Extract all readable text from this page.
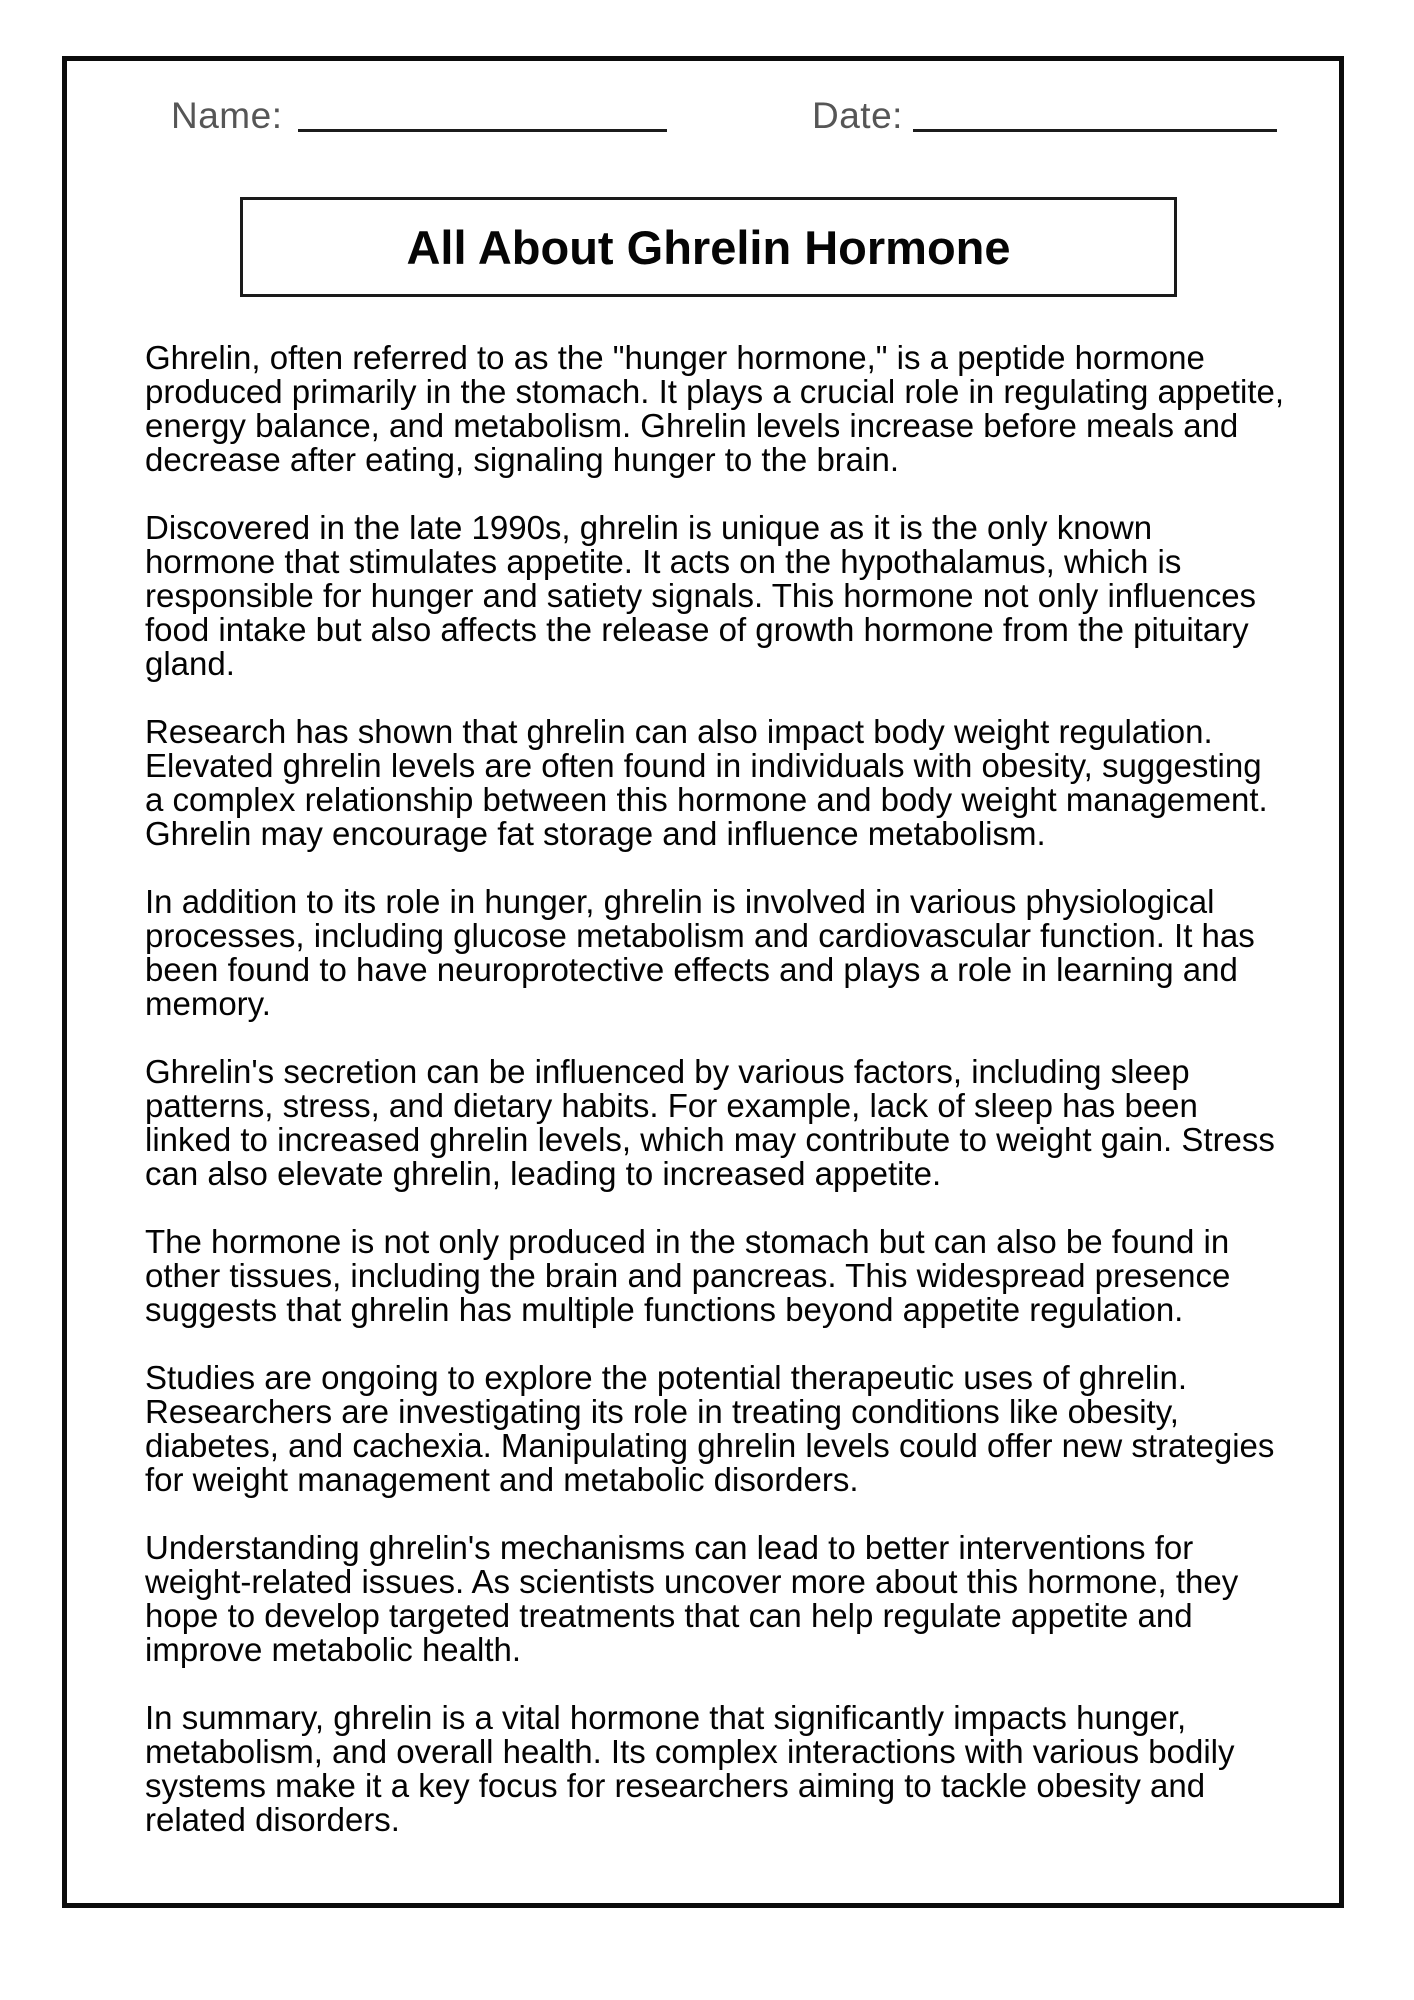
Name:	Date:
All About Ghrelin Hormone

Ghrelin, often referred to as the "hunger hormone," is a peptide hormone produced primarily in the stomach. It plays a crucial role in regulating appetite, energy balance, and metabolism. Ghrelin levels increase before meals and decrease after eating, signaling hunger to the brain.

Discovered in the late 1990s, ghrelin is unique as it is the only known hormone that stimulates appetite. It acts on the hypothalamus, which is responsible for hunger and satiety signals. This hormone not only influences food intake but also affects the release of growth hormone from the pituitary gland.

Research has shown that ghrelin can also impact body weight regulation. Elevated ghrelin levels are often found in individuals with obesity, suggesting a complex relationship between this hormone and body weight management. Ghrelin may encourage fat storage and influence metabolism.

In addition to its role in hunger, ghrelin is involved in various physiological processes, including glucose metabolism and cardiovascular function. It has been found to have neuroprotective effects and plays a role in learning and memory.

Ghrelin's secretion can be influenced by various factors, including sleep patterns, stress, and dietary habits. For example, lack of sleep has been linked to increased ghrelin levels, which may contribute to weight gain. Stress can also elevate ghrelin, leading to increased appetite.

The hormone is not only produced in the stomach but can also be found in other tissues, including the brain and pancreas. This widespread presence suggests that ghrelin has multiple functions beyond appetite regulation.

Studies are ongoing to explore the potential therapeutic uses of ghrelin. Researchers are investigating its role in treating conditions like obesity, diabetes, and cachexia. Manipulating ghrelin levels could offer new strategies for weight management and metabolic disorders.

Understanding ghrelin's mechanisms can lead to better interventions for weight-related issues. As scientists uncover more about this hormone, they hope to develop targeted treatments that can help regulate appetite and improve metabolic health.

In summary, ghrelin is a vital hormone that significantly impacts hunger, metabolism, and overall health. Its complex interactions with various bodily systems make it a key focus for researchers aiming to tackle obesity and related disorders.
